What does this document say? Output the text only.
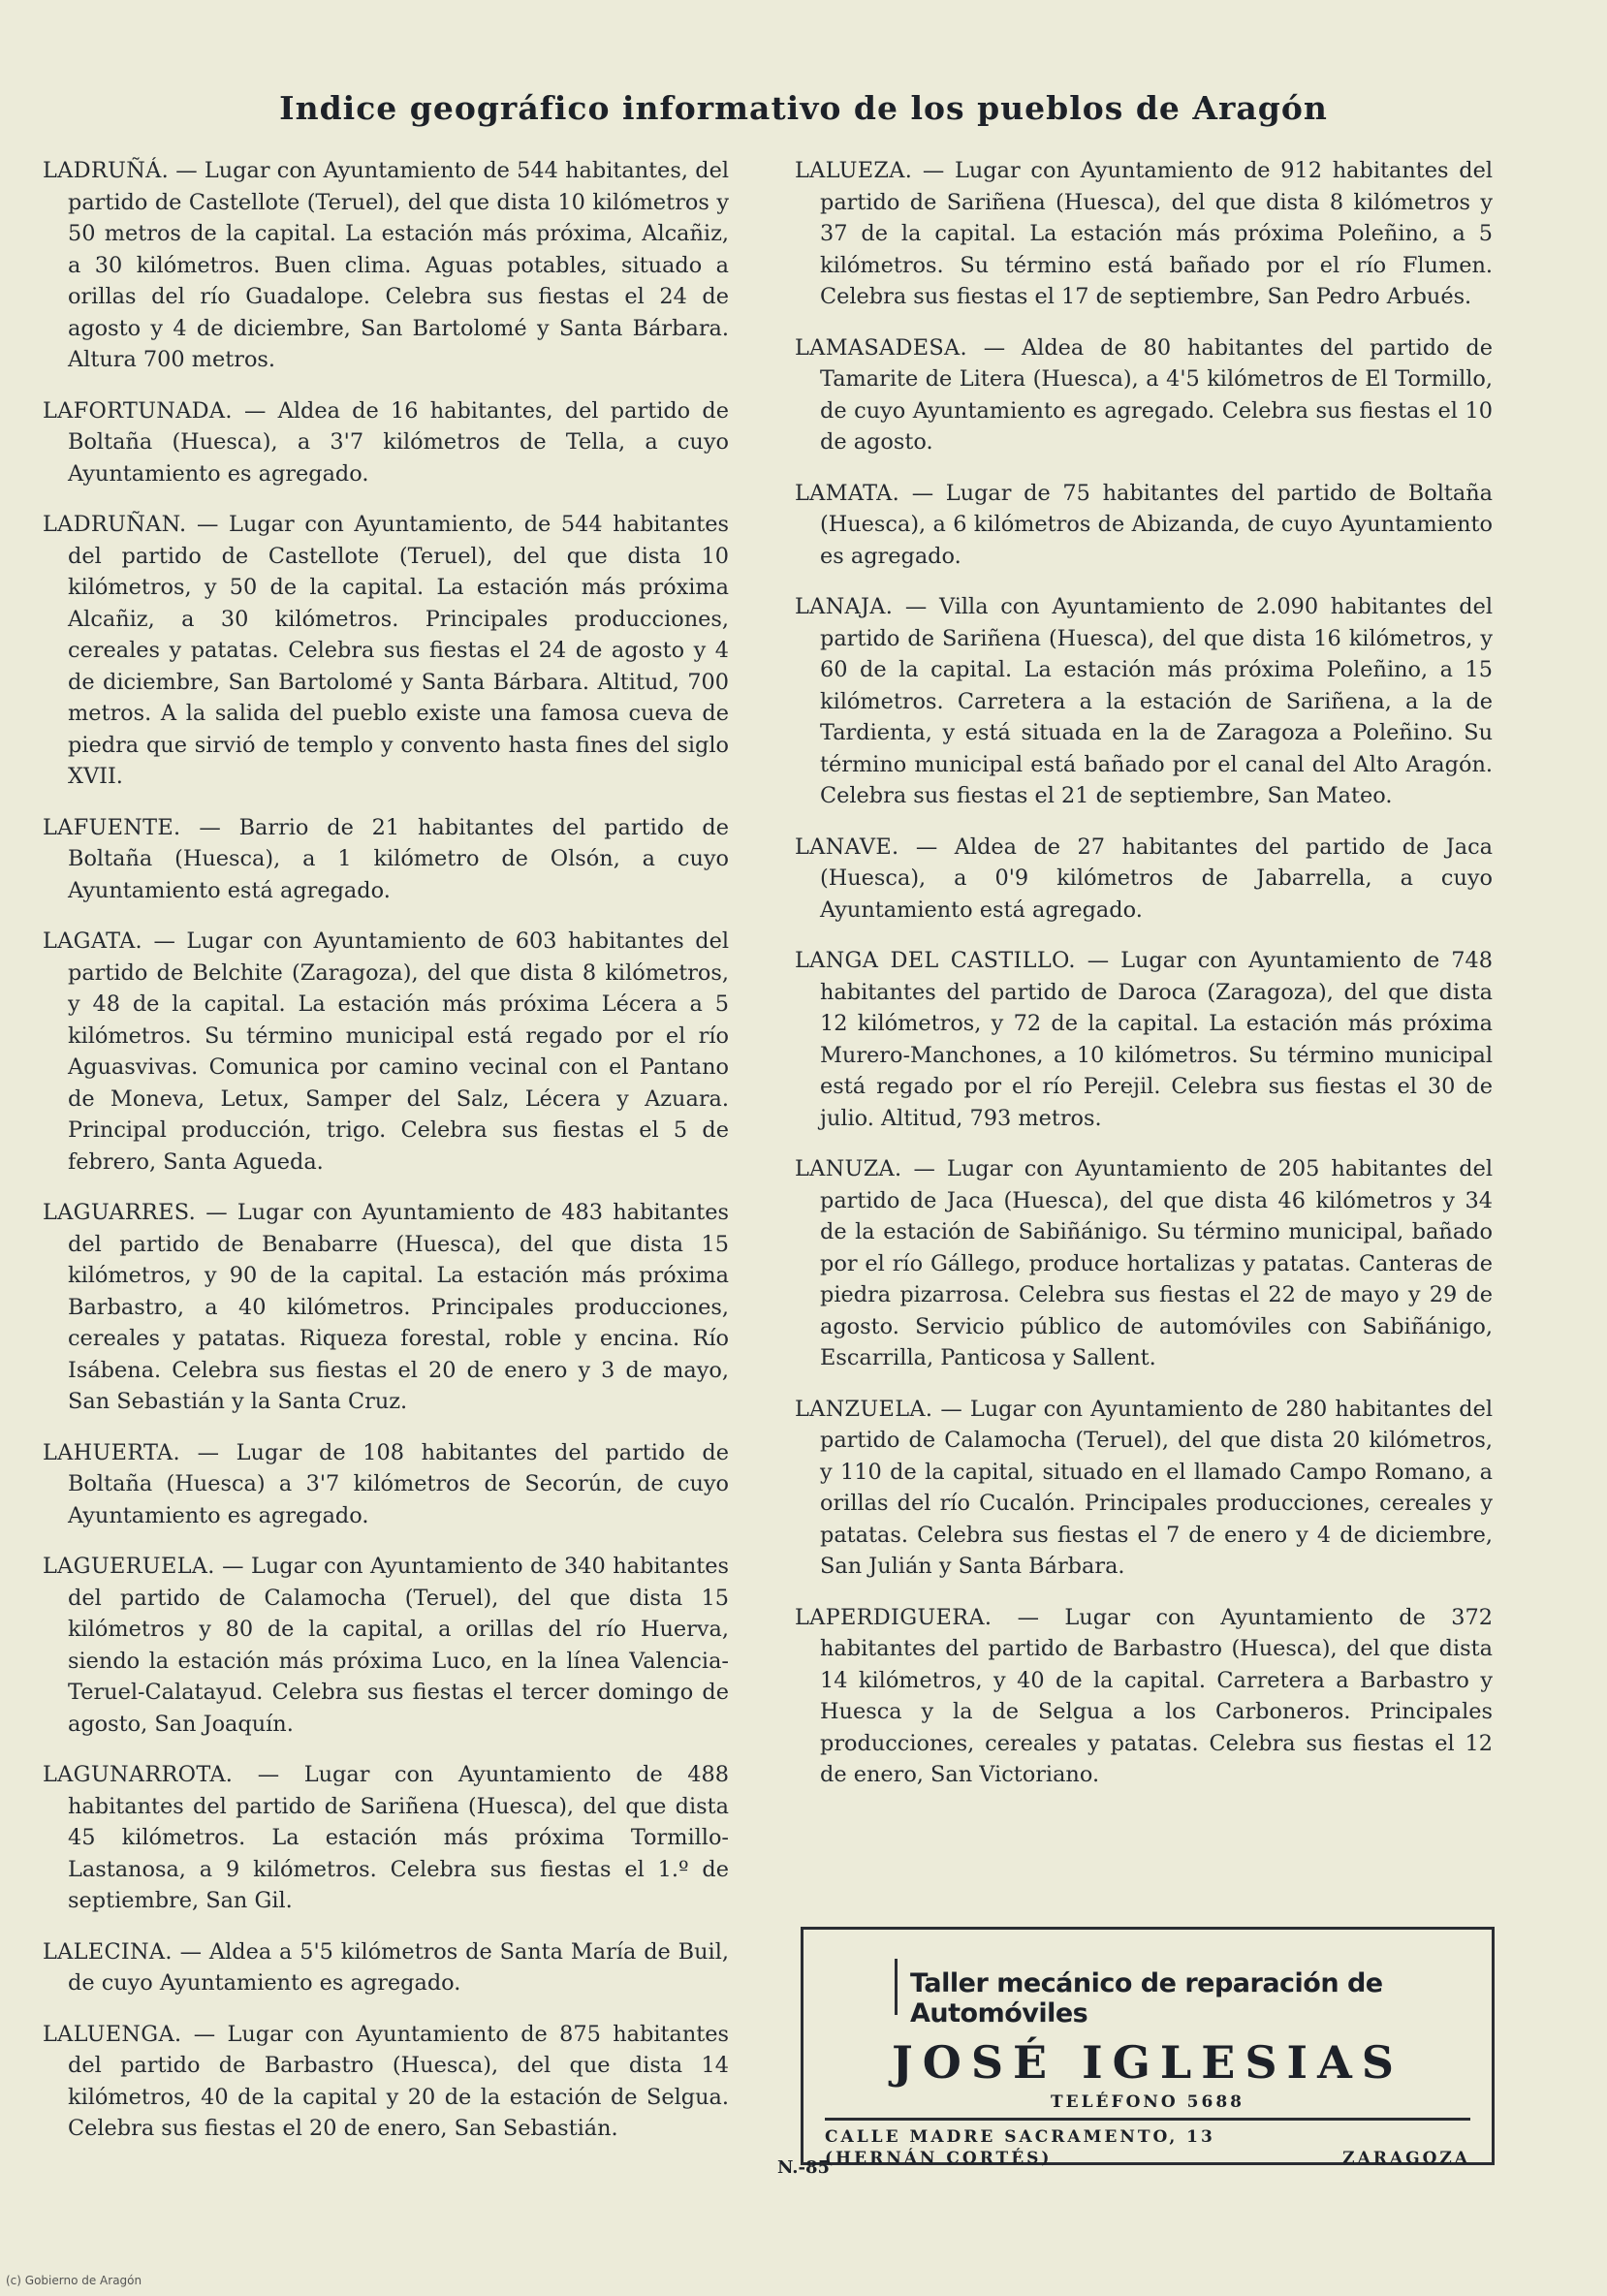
Indice geográfico informativo de los pueblos de Aragón

LADRUÑÁ. — Lugar con Ayuntamiento de 544 habitantes, del partido de Castellote (Teruel), del que dista 10 kilómetros y 50 metros de la capital. La estación más próxima, Alcañiz, a 30 kilómetros. Buen clima. Aguas potables, situado a orillas del río Guadalope. Celebra sus fiestas el 24 de agosto y 4 de diciembre, San Bartolomé y Santa Bárbara. Altura 700 metros.

LAFORTUNADA. — Aldea de 16 habitantes, del partido de Boltaña (Huesca), a 3'7 kilómetros de Tella, a cuyo Ayuntamiento es agregado.

LADRUÑAN. — Lugar con Ayuntamiento, de 544 habitantes del partido de Castellote (Teruel), del que dista 10 kilómetros, y 50 de la capital. La estación más próxima Alcañiz, a 30 kilómetros. Principales producciones, cereales y patatas. Celebra sus fiestas el 24 de agosto y 4 de diciembre, San Bartolomé y Santa Bárbara. Altitud, 700 metros. A la salida del pueblo existe una famosa cueva de piedra que sirvió de templo y convento hasta fines del siglo XVII.

LAFUENTE. — Barrio de 21 habitantes del partido de Boltaña (Huesca), a 1 kilómetro de Olsón, a cuyo Ayuntamiento está agregado.

LAGATA. — Lugar con Ayuntamiento de 603 habitantes del partido de Belchite (Zaragoza), del que dista 8 kilómetros, y 48 de la capital. La estación más próxima Lécera a 5 kilómetros. Su término municipal está regado por el río Aguasvivas. Comunica por camino vecinal con el Pantano de Moneva, Letux, Samper del Salz, Lécera y Azuara. Principal producción, trigo. Celebra sus fiestas el 5 de febrero, Santa Agueda.

LAGUARRES. — Lugar con Ayuntamiento de 483 habitantes del partido de Benabarre (Huesca), del que dista 15 kilómetros, y 90 de la capital. La estación más próxima Barbastro, a 40 kilómetros. Principales producciones, cereales y patatas. Riqueza forestal, roble y encina. Río Isábena. Celebra sus fiestas el 20 de enero y 3 de mayo, San Sebastián y la Santa Cruz.

LAHUERTA. — Lugar de 108 habitantes del partido de Boltaña (Huesca) a 3'7 kilómetros de Secorún, de cuyo Ayuntamiento es agregado.

LAGUERUELA. — Lugar con Ayuntamiento de 340 habitantes del partido de Calamocha (Teruel), del que dista 15 kilómetros y 80 de la capital, a orillas del río Huerva, siendo la estación más próxima Luco, en la línea Valencia-Teruel-Calatayud. Celebra sus fiestas el tercer domingo de agosto, San Joaquín.

LAGUNARROTA. — Lugar con Ayuntamiento de 488 habitantes del partido de Sariñena (Huesca), del que dista 45 kilómetros. La estación más próxima Tormillo-Lastanosa, a 9 kilómetros. Celebra sus fiestas el 1.º de septiembre, San Gil.

LALECINA. — Aldea a 5'5 kilómetros de Santa María de Buil, de cuyo Ayuntamiento es agregado.

LALUENGA. — Lugar con Ayuntamiento de 875 habitantes del partido de Barbastro (Huesca), del que dista 14 kilómetros, 40 de la capital y 20 de la estación de Selgua. Celebra sus fiestas el 20 de enero, San Sebastián.

LALUEZA. — Lugar con Ayuntamiento de 912 habitantes del partido de Sariñena (Huesca), del que dista 8 kilómetros y 37 de la capital. La estación más próxima Poleñino, a 5 kilómetros. Su término está bañado por el río Flumen. Celebra sus fiestas el 17 de septiembre, San Pedro Arbués.

LAMASADESA. — Aldea de 80 habitantes del partido de Tamarite de Litera (Huesca), a 4'5 kilómetros de El Tormillo, de cuyo Ayuntamiento es agregado. Celebra sus fiestas el 10 de agosto.

LAMATA. — Lugar de 75 habitantes del partido de Boltaña (Huesca), a 6 kilómetros de Abizanda, de cuyo Ayuntamiento es agregado.

LANAJA. — Villa con Ayuntamiento de 2.090 habitantes del partido de Sariñena (Huesca), del que dista 16 kilómetros, y 60 de la capital. La estación más próxima Poleñino, a 15 kilómetros. Carretera a la estación de Sariñena, a la de Tardienta, y está situada en la de Zaragoza a Poleñino. Su término municipal está bañado por el canal del Alto Aragón. Celebra sus fiestas el 21 de septiembre, San Mateo.

LANAVE. — Aldea de 27 habitantes del partido de Jaca (Huesca), a 0'9 kilómetros de Jabarrella, a cuyo Ayuntamiento está agregado.

LANGA DEL CASTILLO. — Lugar con Ayuntamiento de 748 habitantes del partido de Daroca (Zaragoza), del que dista 12 kilómetros, y 72 de la capital. La estación más próxima Murero-Manchones, a 10 kilómetros. Su término municipal está regado por el río Perejil. Celebra sus fiestas el 30 de julio. Altitud, 793 metros.

LANUZA. — Lugar con Ayuntamiento de 205 habitantes del partido de Jaca (Huesca), del que dista 46 kilómetros y 34 de la estación de Sabiñánigo. Su término municipal, bañado por el río Gállego, produce hortalizas y patatas. Canteras de piedra pizarrosa. Celebra sus fiestas el 22 de mayo y 29 de agosto. Servicio público de automóviles con Sabiñánigo, Escarrilla, Panticosa y Sallent.

LANZUELA. — Lugar con Ayuntamiento de 280 habitantes del partido de Calamocha (Teruel), del que dista 20 kilómetros, y 110 de la capital, situado en el llamado Campo Romano, a orillas del río Cucalón. Principales producciones, cereales y patatas. Celebra sus fiestas el 7 de enero y 4 de diciembre, San Julián y Santa Bárbara.

LAPERDIGUERA. — Lugar con Ayuntamiento de 372 habitantes del partido de Barbastro (Huesca), del que dista 14 kilómetros, y 40 de la capital. Carretera a Barbastro y Huesca y la de Selgua a los Carboneros. Principales producciones, cereales y patatas. Celebra sus fiestas el 12 de enero, San Victoriano.

Taller mecánico de reparación de Automóviles
JOSÉ IGLESIAS
TELÉFONO 5688
CALLE MADRE SACRAMENTO, 13
(HERNÁN CORTÉS)	ZARAGOZA
N.-85
(c) Gobierno de Aragón
